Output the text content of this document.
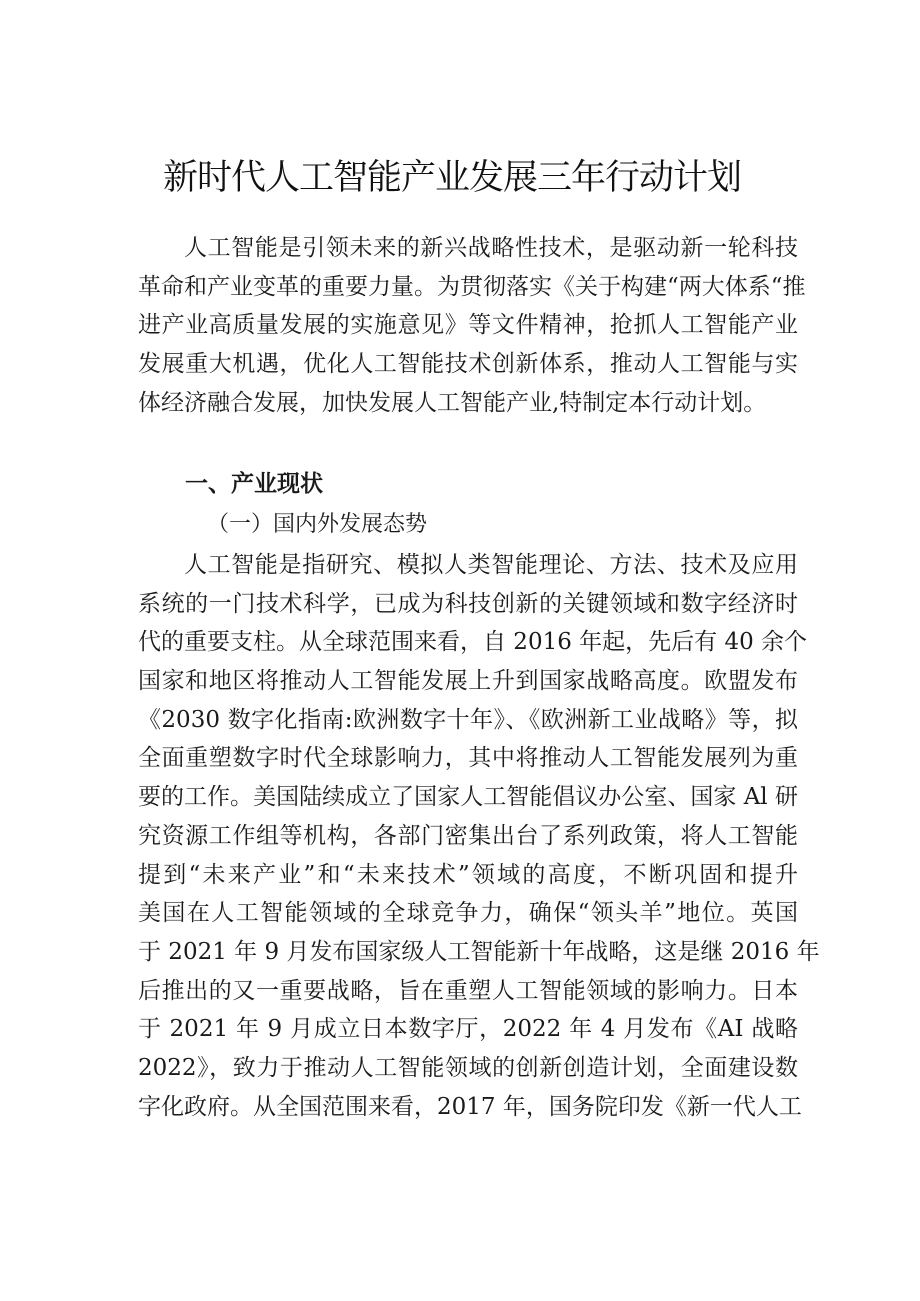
新时代人工智能产业发展三年行动计划
人工智能是引领未来的新兴战略性技术，是驱动新一轮科技
革命和产业变革的重要力量。为贯彻落实《关于构建“两大体系“推
进产业高质量发展的实施意见》等文件精神，抢抓人工智能产业
发展重大机遇，优化人工智能技术创新体系，推动人工智能与实
体经济融合发展，加快发展人工智能产业,特制定本行动计划。
一、产业现状
（一）国内外发展态势
人工智能是指研究、模拟人类智能理论、方法、技术及应用
系统的一门技术科学，已成为科技创新的关键领域和数字经济时
代的重要支柱。从全球范围来看，自 2016 年起，先后有 40 余个
国家和地区将推动人工智能发展上升到国家战略高度。欧盟发布
《2030 数字化指南:欧洲数字十年》、《欧洲新工业战略》等，拟
全面重塑数字时代全球影响力，其中将推动人工智能发展列为重
要的工作。美国陆续成立了国家人工智能倡议办公室、国家 Al 研
究资源工作组等机构，各部门密集出台了系列政策，将人工智能
提到“未来产业”和“未来技术”领域的高度，不断巩固和提升
美国在人工智能领域的全球竞争力，确保“领头羊”地位。英国
于 2021 年 9 月发布国家级人工智能新十年战略，这是继 2016 年
后推出的又一重要战略，旨在重塑人工智能领域的影响力。日本
于 2021 年 9 月成立日本数字厅，2022 年 4 月发布《AI 战略
2022》，致力于推动人工智能领域的创新创造计划，全面建设数
字化政府。从全国范围来看，2017 年，国务院印发《新一代人工
